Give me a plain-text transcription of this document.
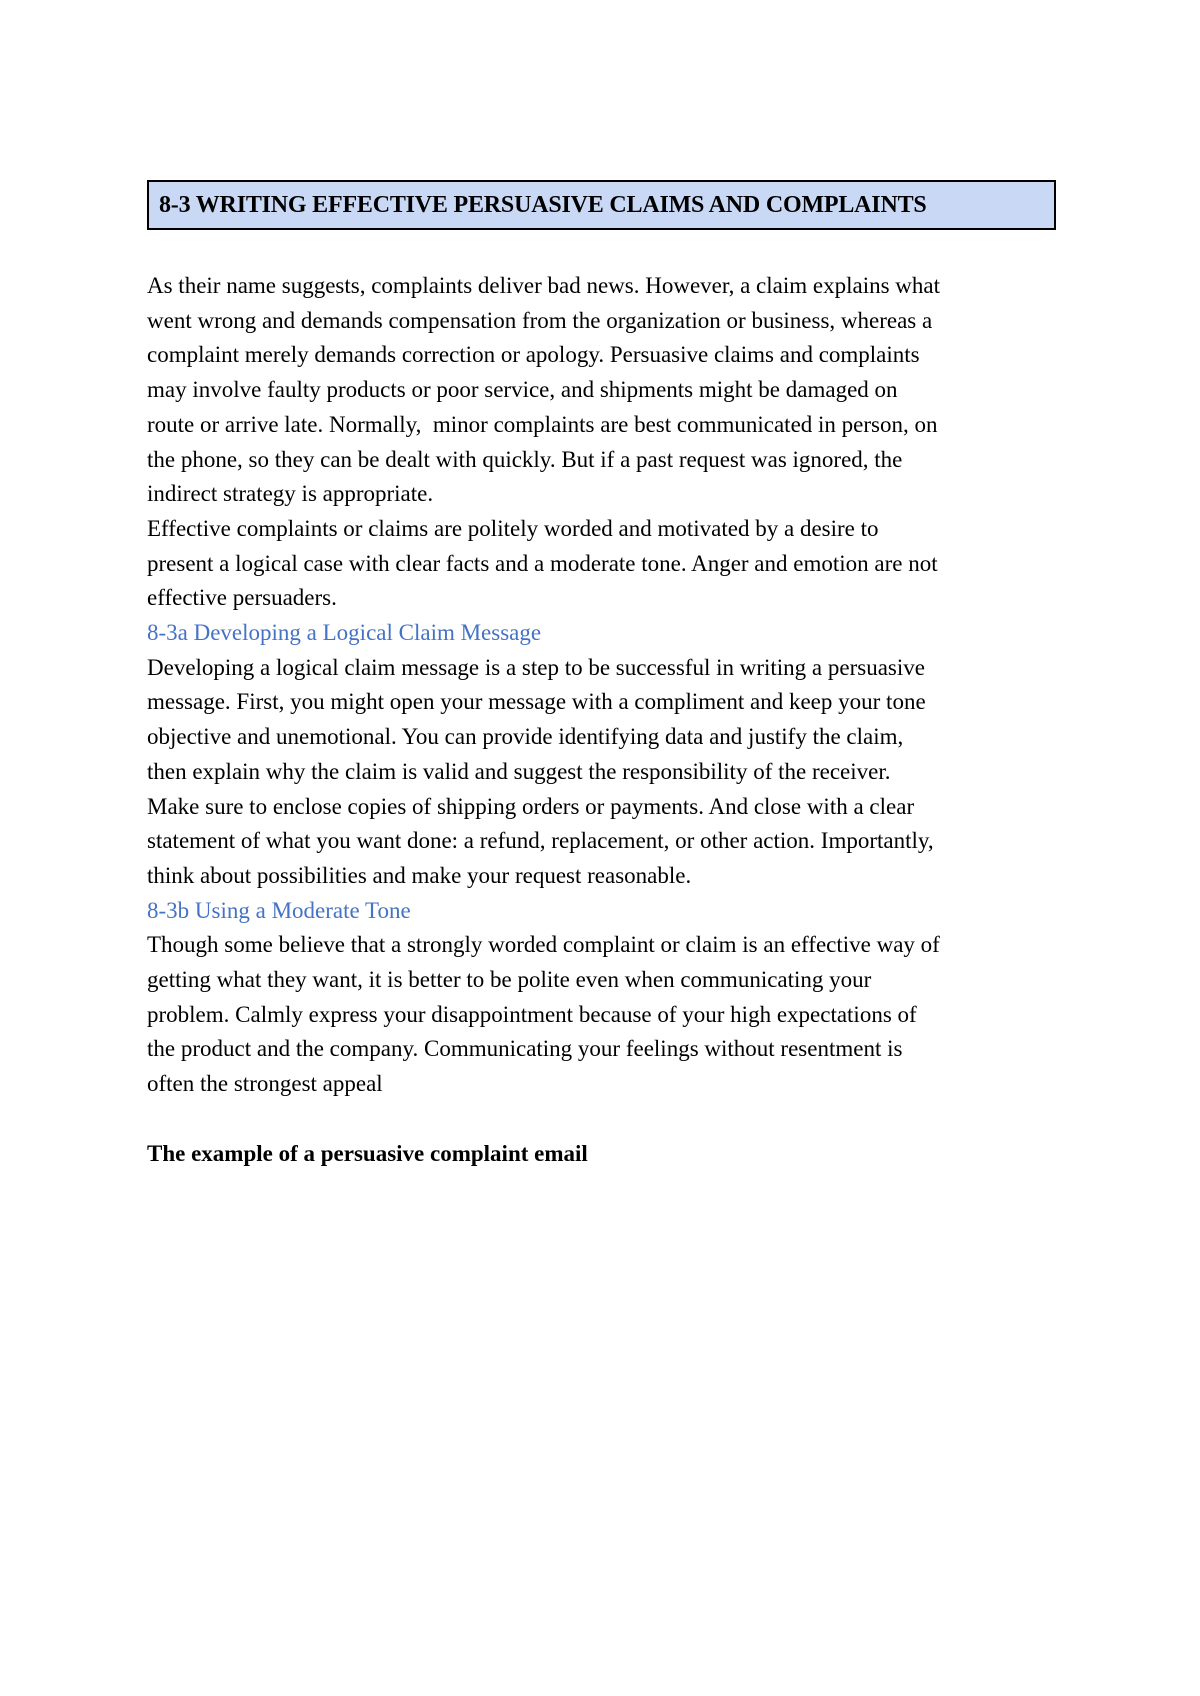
8-3 WRITING EFFECTIVE PERSUASIVE CLAIMS AND COMPLAINTS

As their name suggests, complaints deliver bad news. However, a claim explains what
went wrong and demands compensation from the organization or business, whereas a
complaint merely demands correction or apology. Persuasive claims and complaints
may involve faulty products or poor service, and shipments might be damaged on
route or arrive late. Normally,  minor complaints are best communicated in person, on
the phone, so they can be dealt with quickly. But if a past request was ignored, the
indirect strategy is appropriate.

Effective complaints or claims are politely worded and motivated by a desire to
present a logical case with clear facts and a moderate tone. Anger and emotion are not
effective persuaders.

8-3a Developing a Logical Claim Message

Developing a logical claim message is a step to be successful in writing a persuasive
message. First, you might open your message with a compliment and keep your tone
objective and unemotional. You can provide identifying data and justify the claim,
then explain why the claim is valid and suggest the responsibility of the receiver.
Make sure to enclose copies of shipping orders or payments. And close with a clear
statement of what you want done: a refund, replacement, or other action. Importantly,
think about possibilities and make your request reasonable.

8-3b Using a Moderate Tone

Though some believe that a strongly worded complaint or claim is an effective way of
getting what they want, it is better to be polite even when communicating your
problem. Calmly express your disappointment because of your high expectations of
the product and the company. Communicating your feelings without resentment is
often the strongest appeal

The example of a persuasive complaint email
